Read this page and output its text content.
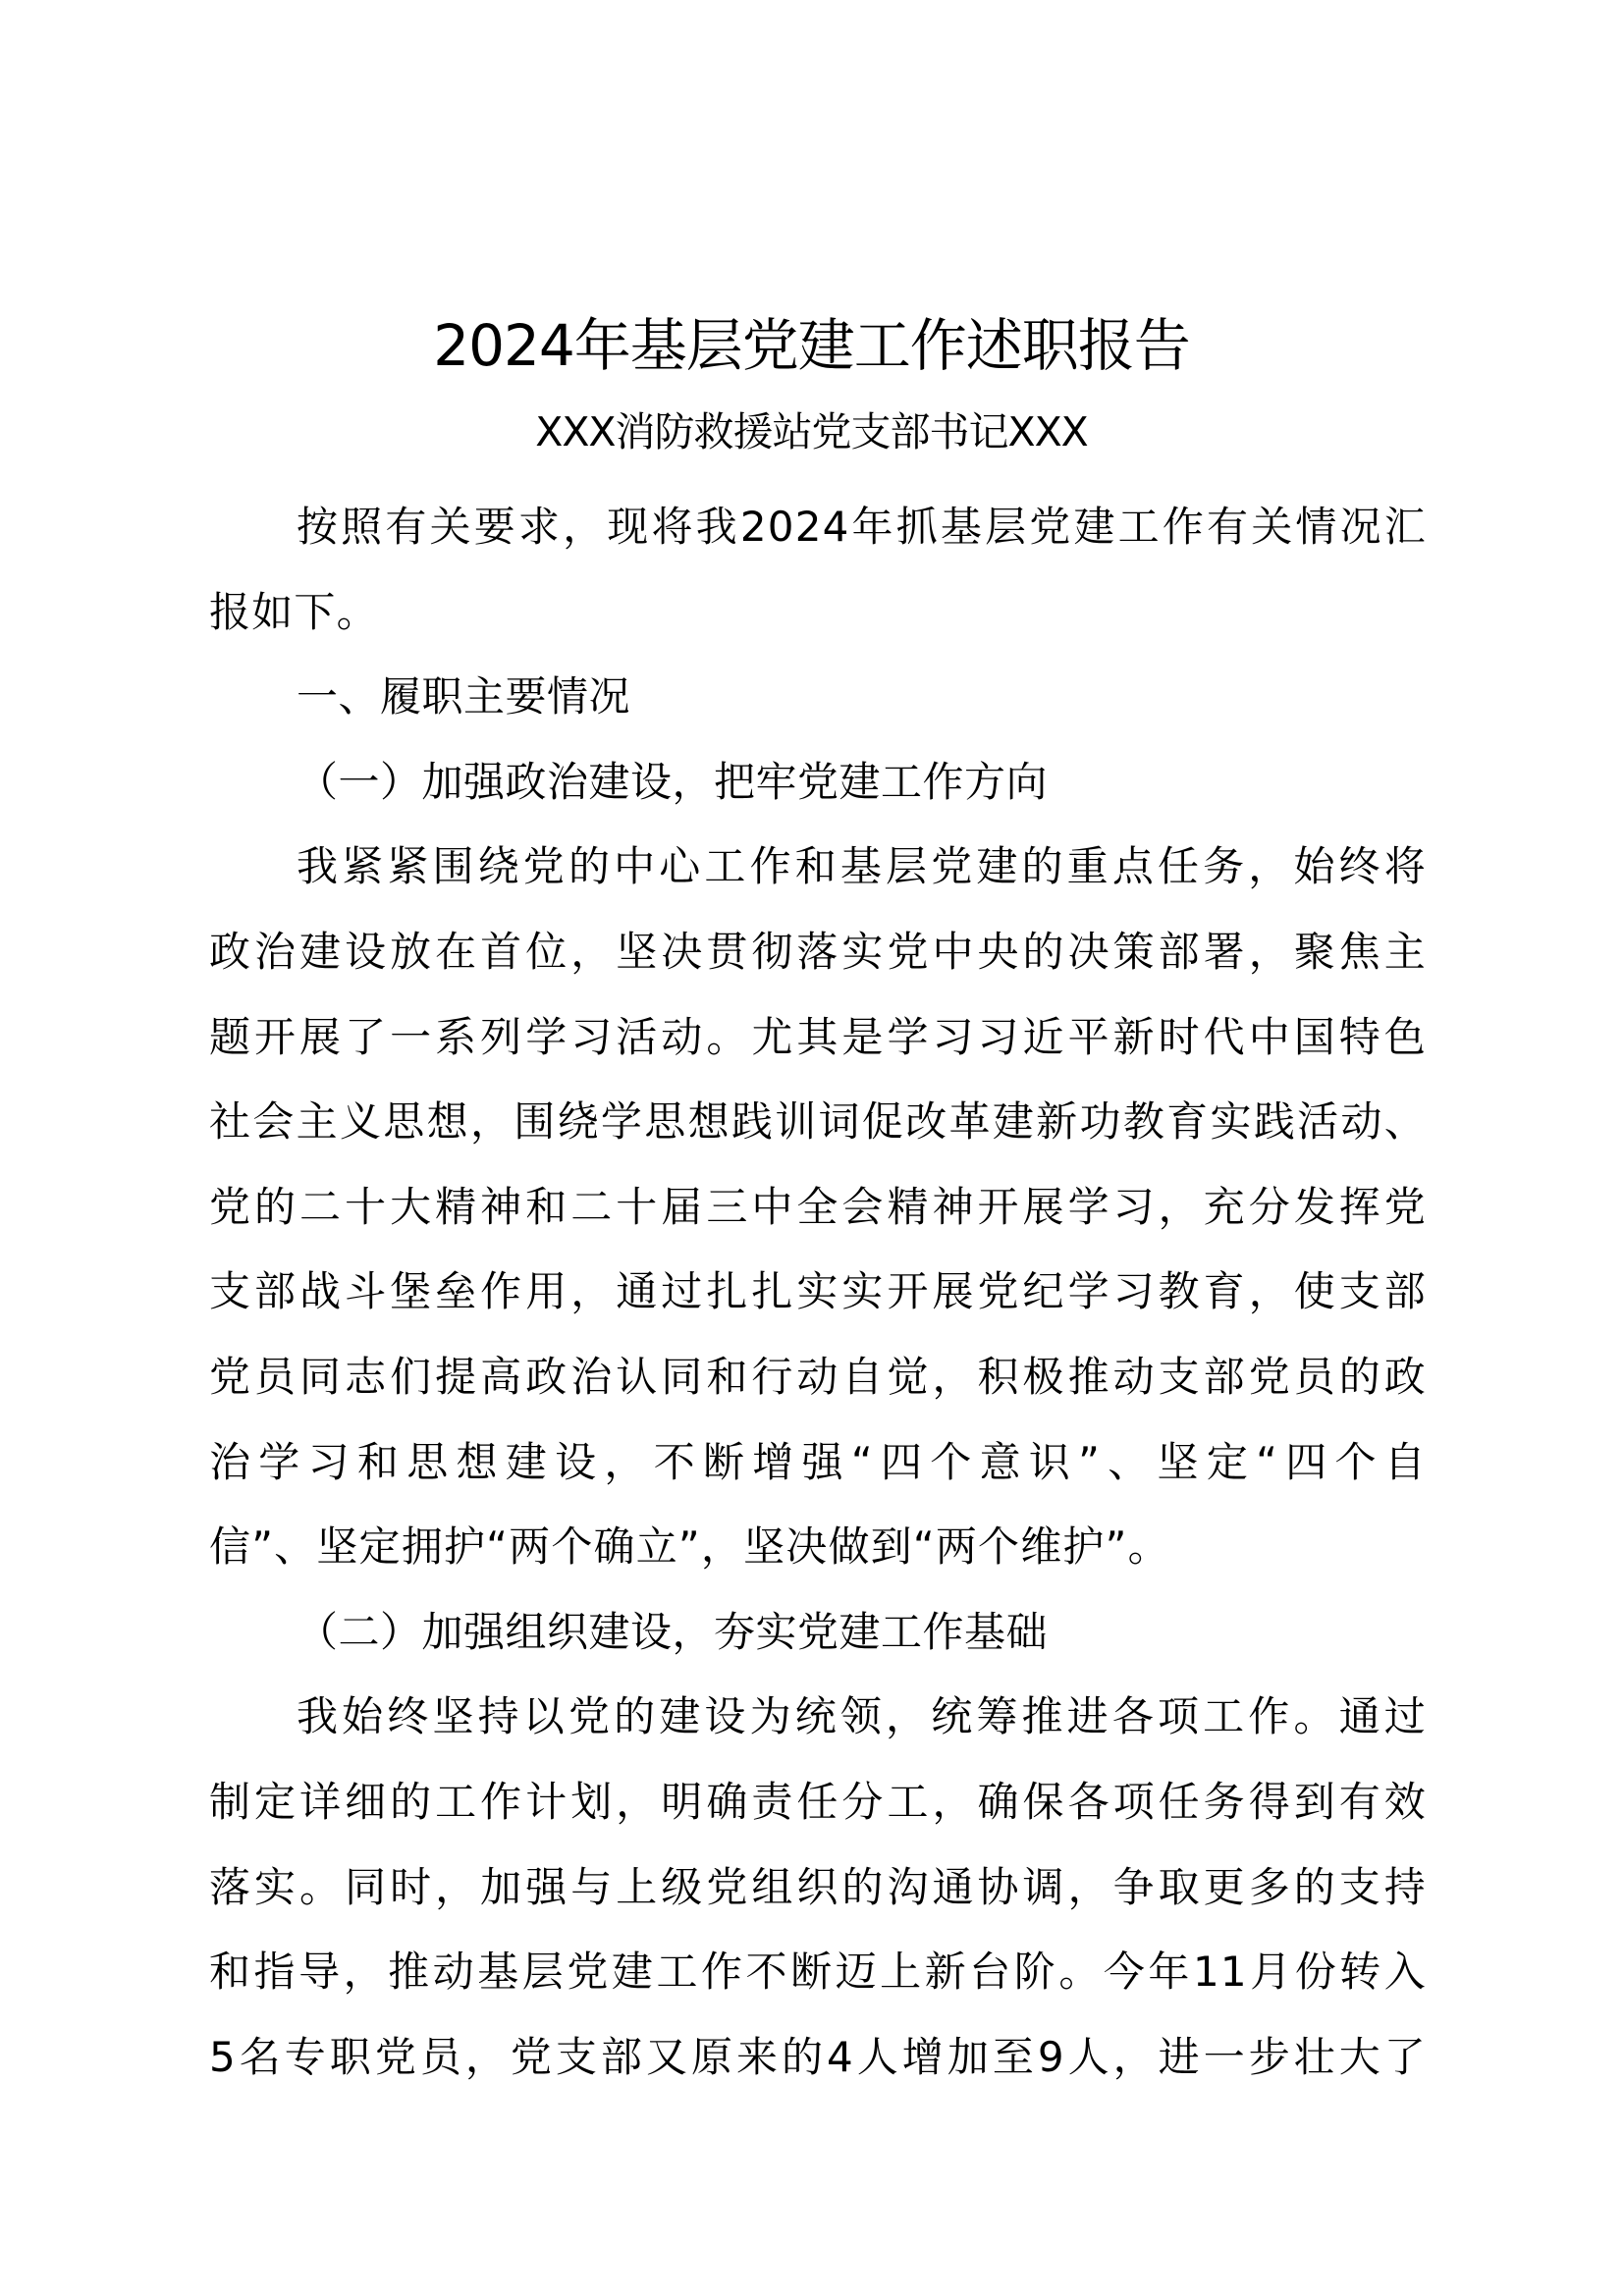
2024年基层党建工作述职报告
XXX消防救援站党支部书记XXX
按照有关要求，现将我2024年抓基层党建工作有关情况汇
报如下。
一、履职主要情况
（一）加强政治建设，把牢党建工作方向
我紧紧围绕党的中心工作和基层党建的重点任务，始终将
政治建设放在首位，坚决贯彻落实党中央的决策部署，聚焦主
题开展了一系列学习活动。尤其是学习习近平新时代中国特色
社会主义思想，围绕学思想践训词促改革建新功教育实践活动、
党的二十大精神和二十届三中全会精神开展学习，充分发挥党
支部战斗堡垒作用，通过扎扎实实开展党纪学习教育，使支部
党员同志们提高政治认同和行动自觉，积极推动支部党员的政
治学习和思想建设，不断增强“四个意识”、坚定“四个自
信”、坚定拥护“两个确立”，坚决做到“两个维护”。
（二）加强组织建设，夯实党建工作基础
我始终坚持以党的建设为统领，统筹推进各项工作。通过
制定详细的工作计划，明确责任分工，确保各项任务得到有效
落实。同时，加强与上级党组织的沟通协调，争取更多的支持
和指导，推动基层党建工作不断迈上新台阶。今年11月份转入
5名专职党员，党支部又原来的4人增加至9人，进一步壮大了
